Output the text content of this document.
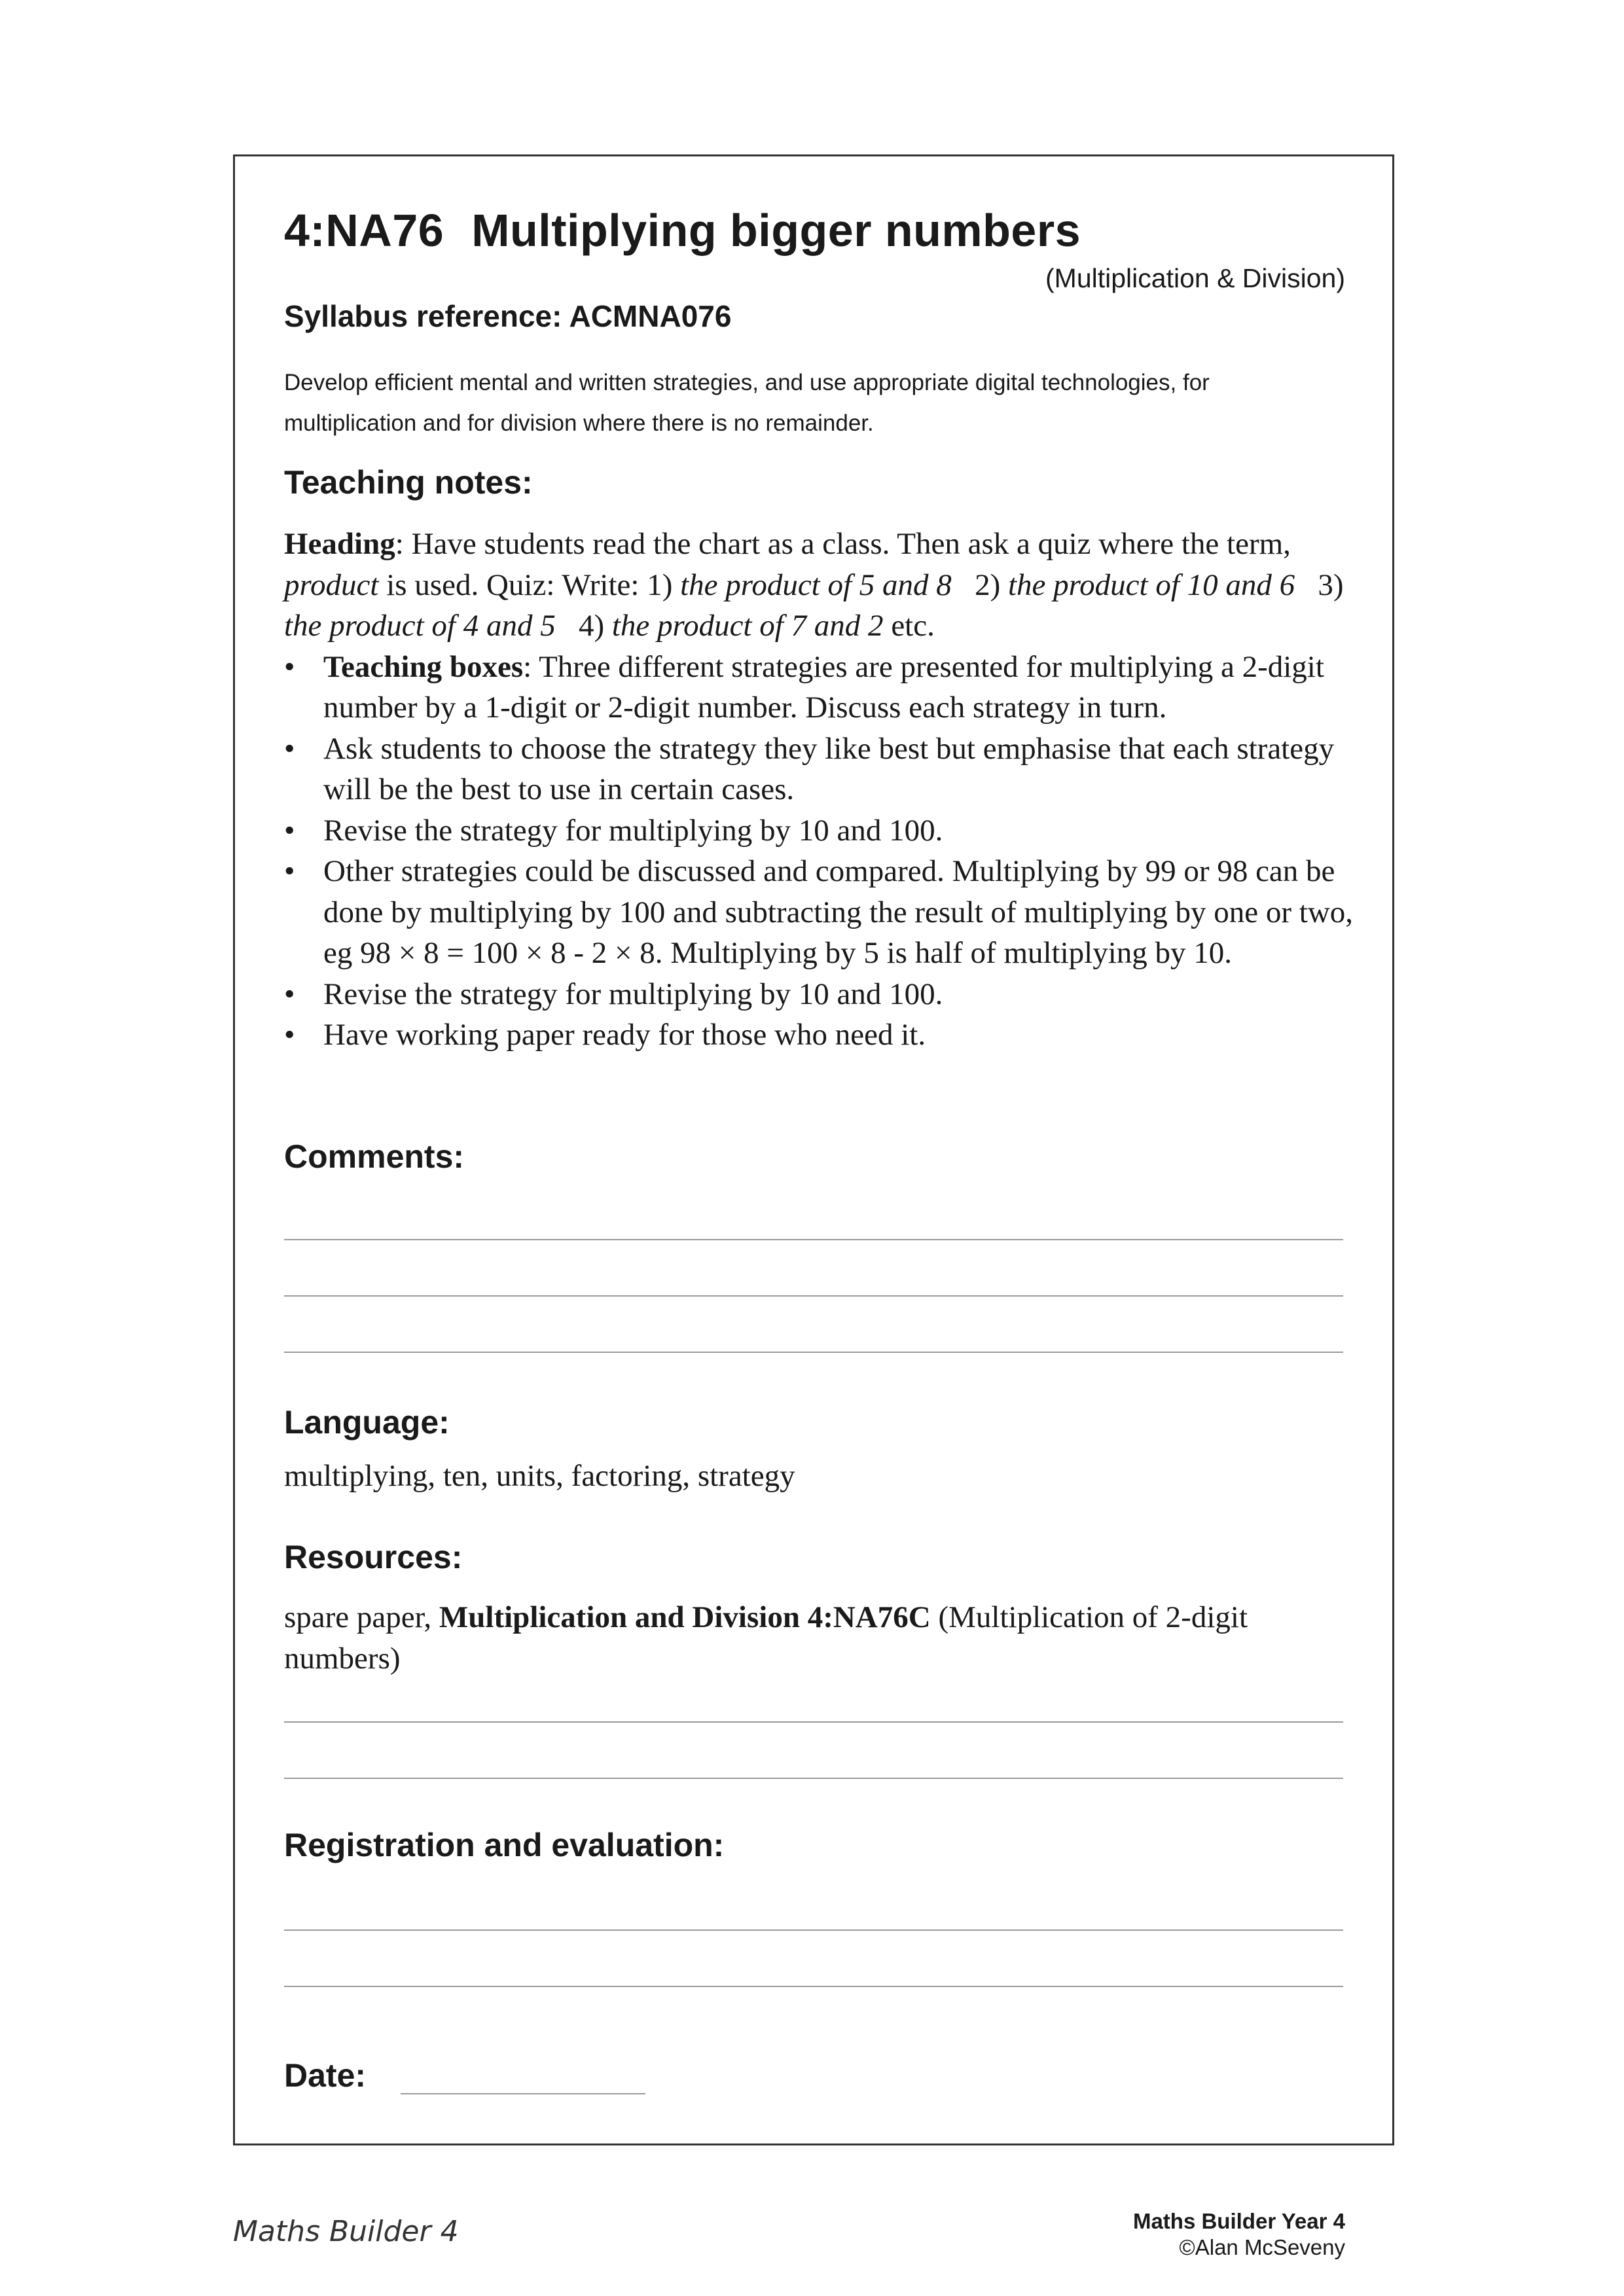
4:NA76 Multiplying bigger numbers
(Multiplication & Division)
Syllabus reference: ACMNA076
Develop efficient mental and written strategies, and use appropriate digital technologies, for multiplication and for division where there is no remainder.
Teaching notes:

Heading: Have students read the chart as a class. Then ask a quiz where the term, product is used. Quiz: Write: 1) the product of 5 and 8   2) the product of 10 and 6   3) the product of 4 and 5   4) the product of 7 and 2 etc.

• Teaching boxes: Three different strategies are presented for multiplying a 2-digit number by a 1-digit or 2-digit number. Discuss each strategy in turn.
• Ask students to choose the strategy they like best but emphasise that each strategy will be the best to use in certain cases.
• Revise the strategy for multiplying by 10 and 100.
• Other strategies could be discussed and compared. Multiplying by 99 or 98 can be done by multiplying by 100 and subtracting the result of multiplying by one or two, eg 98 × 8 = 100 × 8 - 2 × 8. Multiplying by 5 is half of multiplying by 10.
• Revise the strategy for multiplying by 10 and 100.
• Have working paper ready for those who need it.
Comments:
Language:
multiplying, ten, units, factoring, strategy
Resources:
spare paper, Multiplication and Division 4:NA76C (Multiplication of 2-digit numbers)
Registration and evaluation:
Date:
Maths Builder 4	Maths Builder Year 4
©Alan McSeveny
